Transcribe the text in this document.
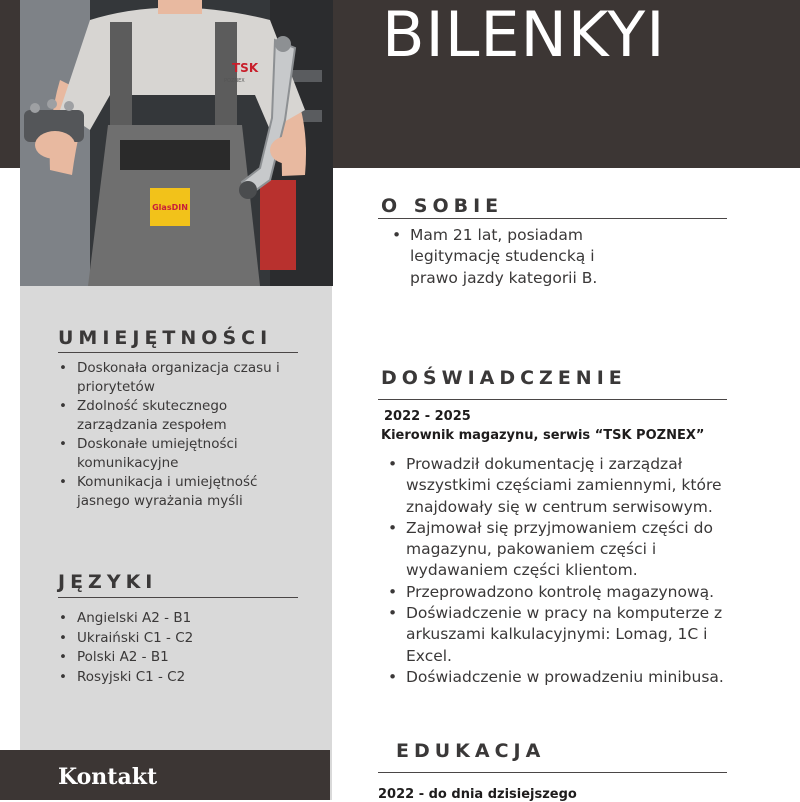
GlasDIN
TSK
POZNEX
BILENKYI
O SOBIE
• Mam 21 lat, posiadam legitymację studencką i prawo jazdy kategorii B.
UMIEJĘTNOŚCI
• Doskonała organizacja czasu i priorytetów
• Zdolność skutecznego zarządzania zespołem
• Doskonałe umiejętności komunikacyjne
• Komunikacja i umiejętność jasnego wyrażania myśli
JĘZYKI
• Angielski A2 - B1
• Ukraiński C1 - C2
• Polski A2 - B1
• Rosyjski C1 - C2
DOŚWIADCZENIE
2022 - 2025
Kierownik magazynu, serwis “TSK POZNEX”
• Prowadził dokumentację i zarządzał wszystkimi częściami zamiennymi, które znajdowały się w centrum serwisowym.
• Zajmował się przyjmowaniem części do magazynu, pakowaniem części i wydawaniem części klientom.
• Przeprowadzono kontrolę magazynową.
• Doświadczenie w pracy na komputerze z arkuszami kalkulacyjnymi: Lomag, 1C i Excel.
• Doświadczenie w prowadzeniu minibusa.
EDUKACJA
2022 - do dnia dzisiejszego
Kontakt
